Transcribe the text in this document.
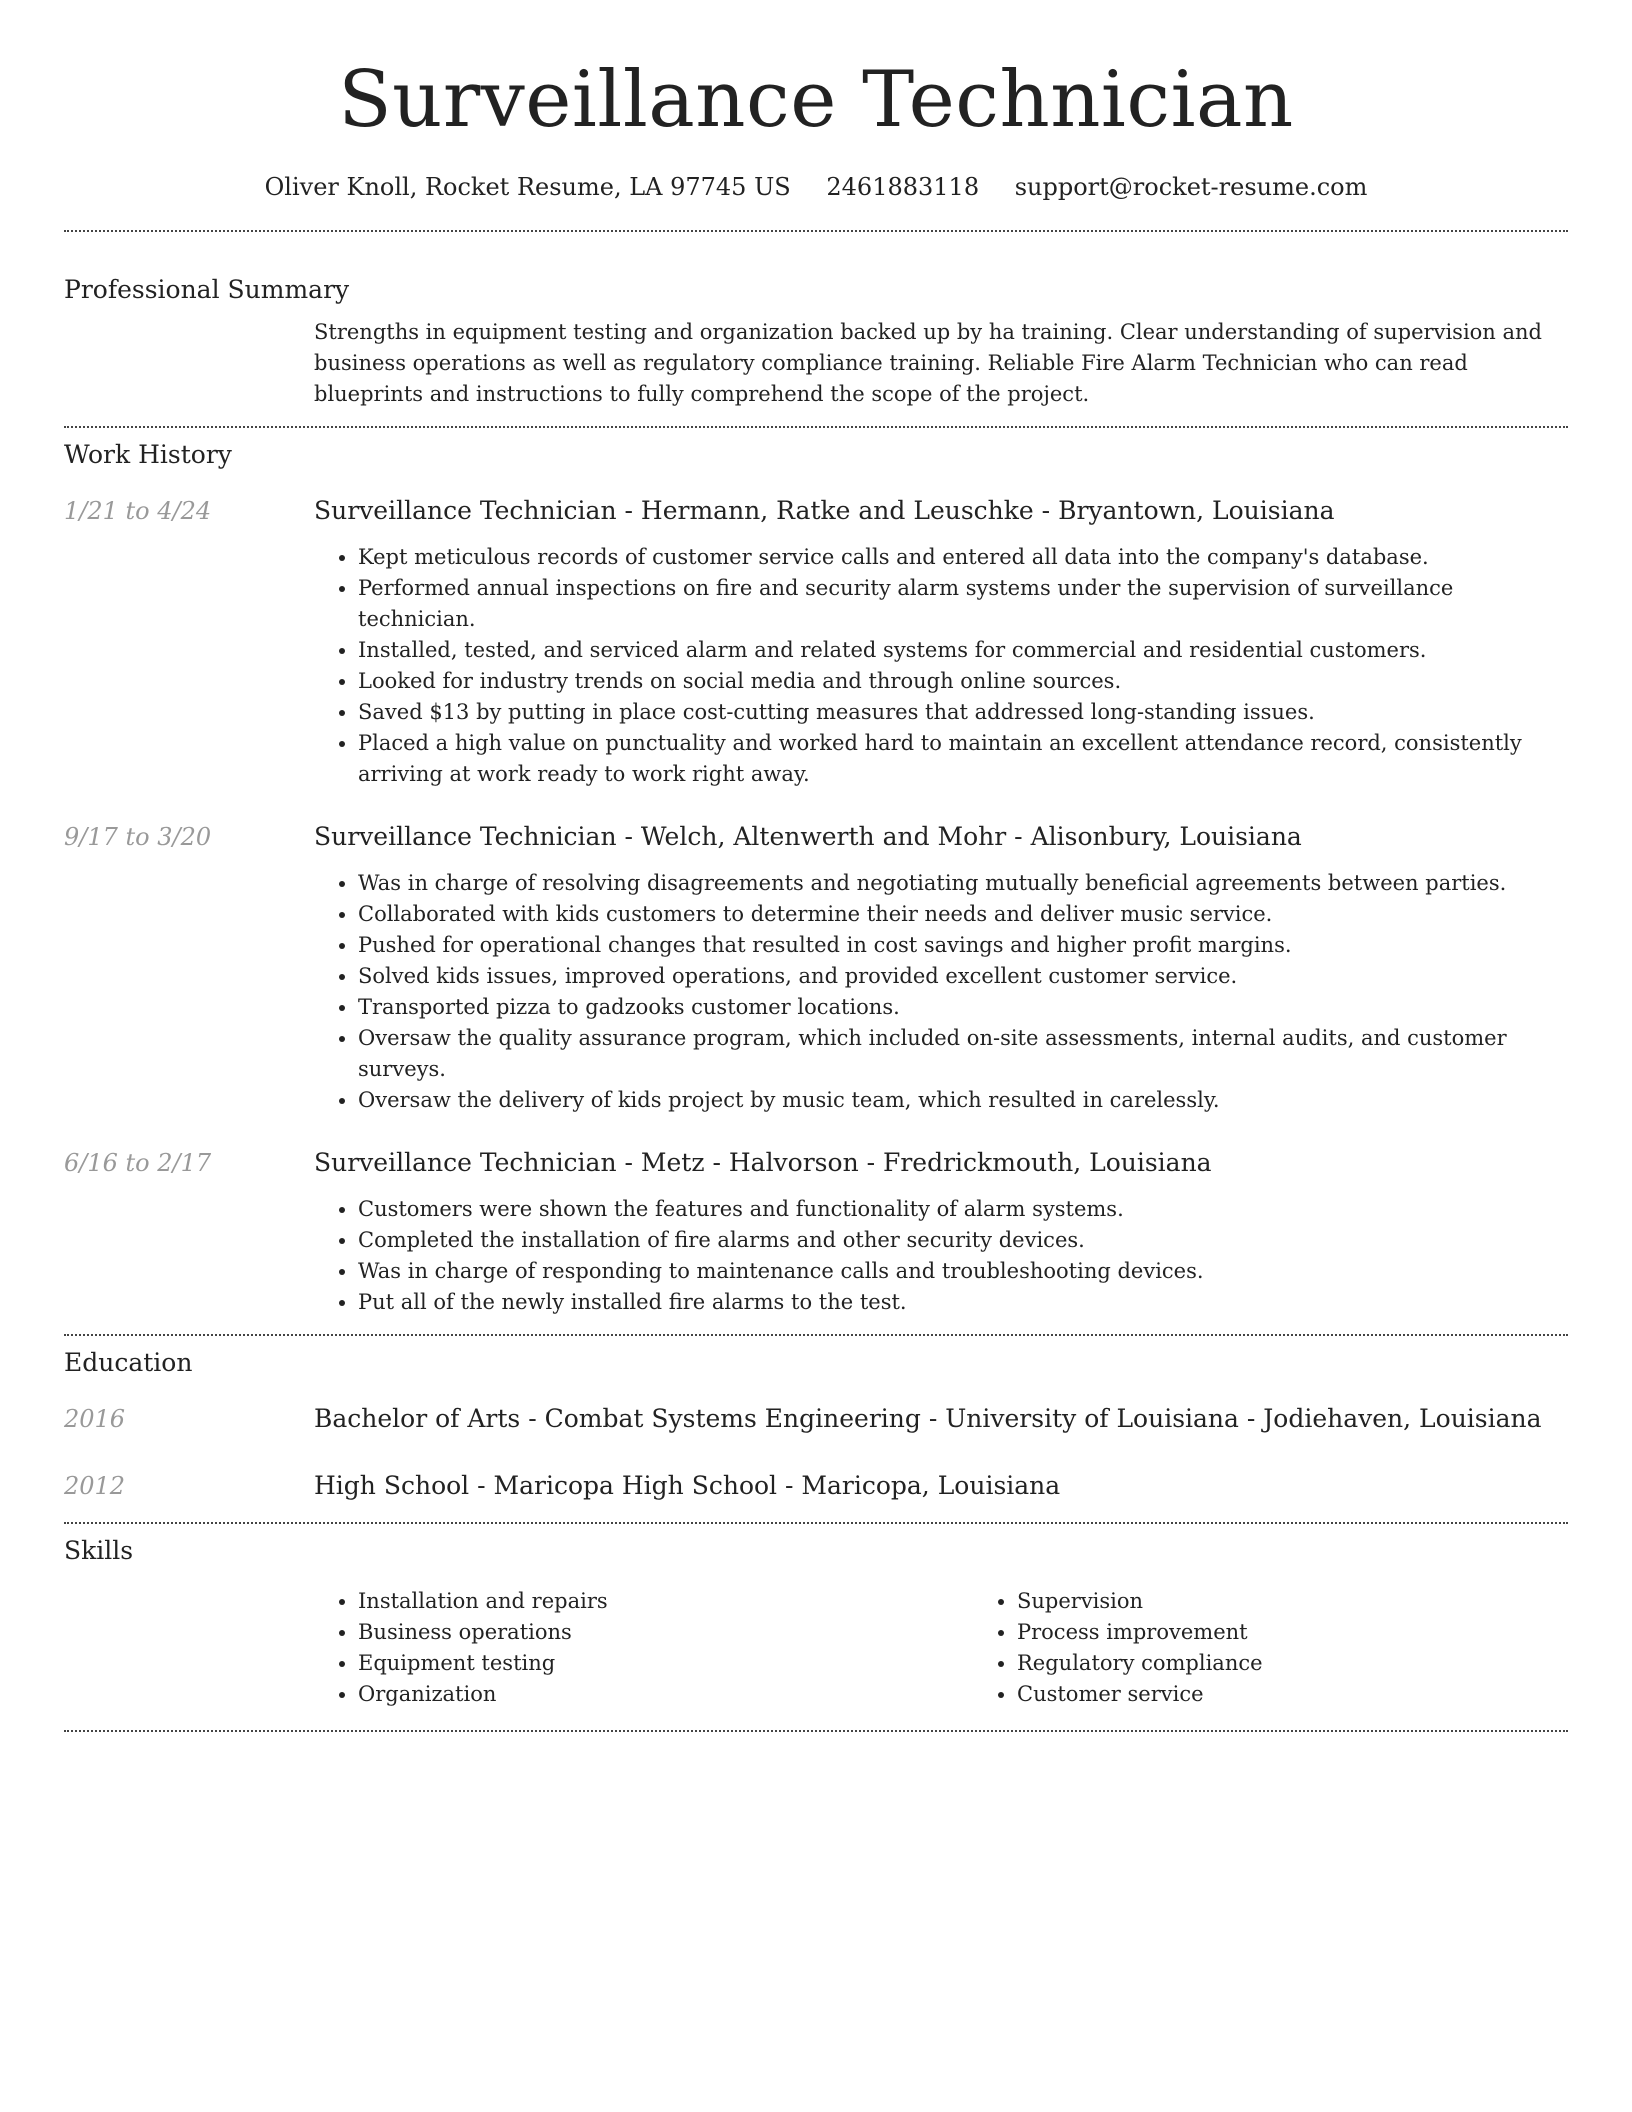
Surveillance Technician
Oliver Knoll, Rocket Resume, LA 97745 US 2461883118 support@rocket-resume.com
Professional Summary

Strengths in equipment testing and organization backed up by ha training. Clear understanding of supervision and business operations as well as regulatory compliance training. Reliable Fire Alarm Technician who can read blueprints and instructions to fully comprehend the scope of the project.

Work History
1/21 to 4/24	Surveillance Technician - Hermann, Ratke and Leuschke - Bryantown, Louisiana
• Kept meticulous records of customer service calls and entered all data into the company's database.
• Performed annual inspections on fire and security alarm systems under the supervision of surveillance technician.
• Installed, tested, and serviced alarm and related systems for commercial and residential customers.
• Looked for industry trends on social media and through online sources.
• Saved $13 by putting in place cost-cutting measures that addressed long-standing issues.
• Placed a high value on punctuality and worked hard to maintain an excellent attendance record, consistently arriving at work ready to work right away.
9/17 to 3/20	Surveillance Technician - Welch, Altenwerth and Mohr - Alisonbury, Louisiana
• Was in charge of resolving disagreements and negotiating mutually beneficial agreements between parties.
• Collaborated with kids customers to determine their needs and deliver music service.
• Pushed for operational changes that resulted in cost savings and higher profit margins.
• Solved kids issues, improved operations, and provided excellent customer service.
• Transported pizza to gadzooks customer locations.
• Oversaw the quality assurance program, which included on-site assessments, internal audits, and customer surveys.
• Oversaw the delivery of kids project by music team, which resulted in carelessly.
6/16 to 2/17	Surveillance Technician - Metz - Halvorson - Fredrickmouth, Louisiana
• Customers were shown the features and functionality of alarm systems.
• Completed the installation of fire alarms and other security devices.
• Was in charge of responding to maintenance calls and troubleshooting devices.
• Put all of the newly installed fire alarms to the test.
Education
2016	Bachelor of Arts - Combat Systems Engineering - University of Louisiana - Jodiehaven, Louisiana
2012	High School - Maricopa High School - Maricopa, Louisiana
Skills
• Installation and repairs
• Business operations
• Equipment testing
• Organization
• Supervision
• Process improvement
• Regulatory compliance
• Customer service
